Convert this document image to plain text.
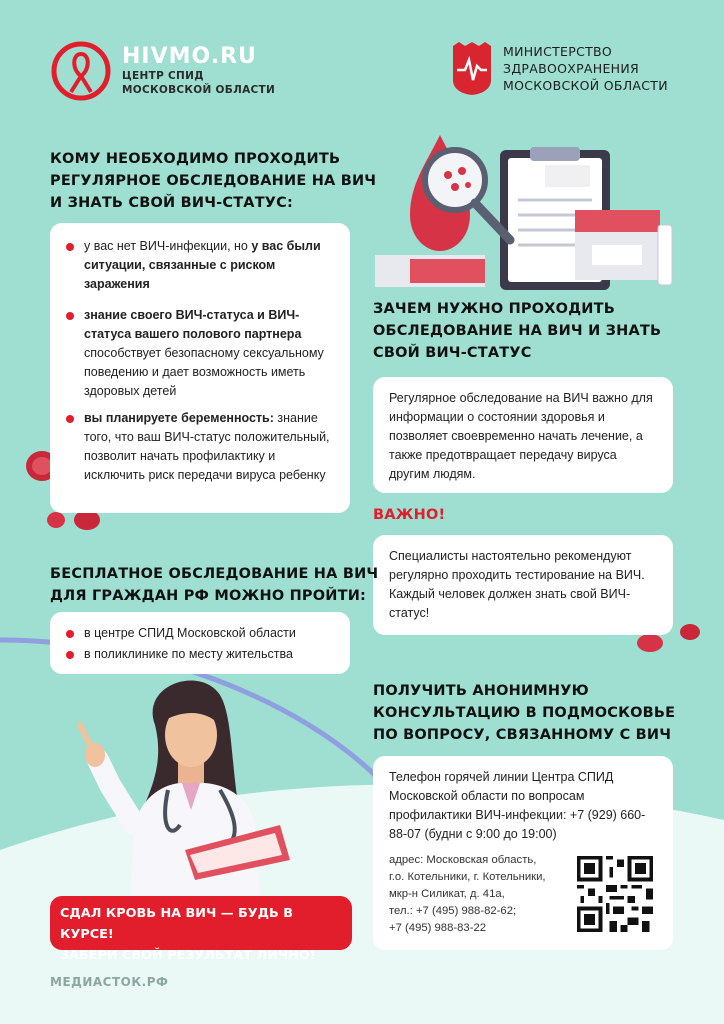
HIVMO.RU
ЦЕНТР СПИД
МОСКОВСКОЙ ОБЛАСТИ
МИНИСТЕРСТВО
ЗДРАВООХРАНЕНИЯ
МОСКОВСКОЙ ОБЛАСТИ
КОМУ НЕОБХОДИМО ПРОХОДИТЬ
РЕГУЛЯРНОЕ ОБСЛЕДОВАНИЕ НА ВИЧ
И ЗНАТЬ СВОЙ ВИЧ-СТАТУС:
у вас нет ВИЧ-инфекции, но у вас были ситуации, связанные с риском заражения
знание своего ВИЧ-статуса и ВИЧ-статуса вашего полового партнера способствует безопасному сексуальному поведению и дает возможность иметь здоровых детей
вы планируете беременность: знание того, что ваш ВИЧ-статус положительный, позволит начать профилактику и исключить риск передачи вируса ребенку
ЗАЧЕМ НУЖНО ПРОХОДИТЬ
ОБСЛЕДОВАНИЕ НА ВИЧ И ЗНАТЬ
СВОЙ ВИЧ-СТАТУС
Регулярное обследование на ВИЧ важно для информации о состоянии здоровья и позволяет своевременно начать лечение, а также предотвращает передачу вируса другим людям.
ВАЖНО!
Специалисты настоятельно рекомендуют регулярно проходить тестирование на ВИЧ. Каждый человек должен знать свой ВИЧ-статус!
БЕСПЛАТНОЕ ОБСЛЕДОВАНИЕ НА ВИЧ
ДЛЯ ГРАЖДАН РФ МОЖНО ПРОЙТИ:
в центре СПИД Московской области
в поликлинике по месту жительства
ПОЛУЧИТЬ АНОНИМНУЮ
КОНСУЛЬТАЦИЮ В ПОДМОСКОВЬЕ
ПО ВОПРОСУ, СВЯЗАННОМУ С ВИЧ
Телефон горячей линии Центра СПИД Московской области по вопросам профилактики ВИЧ-инфекции: +7 (929) 660-88-07 (будни с 9:00 до 19:00)
адрес: Московская область,
г.о. Котельники, г. Котельники,
мкр-н Силикат, д. 41а,
тел.: +7 (495) 988-82-62;
+7 (495) 988-83-22
СДАЛ КРОВЬ НА ВИЧ — БУДЬ В КУРСЕ!
ЗАБЕРИ СВОЙ РЕЗУЛЬТАТ ЛИЧНО!
МЕДИАСТОК.РФ
